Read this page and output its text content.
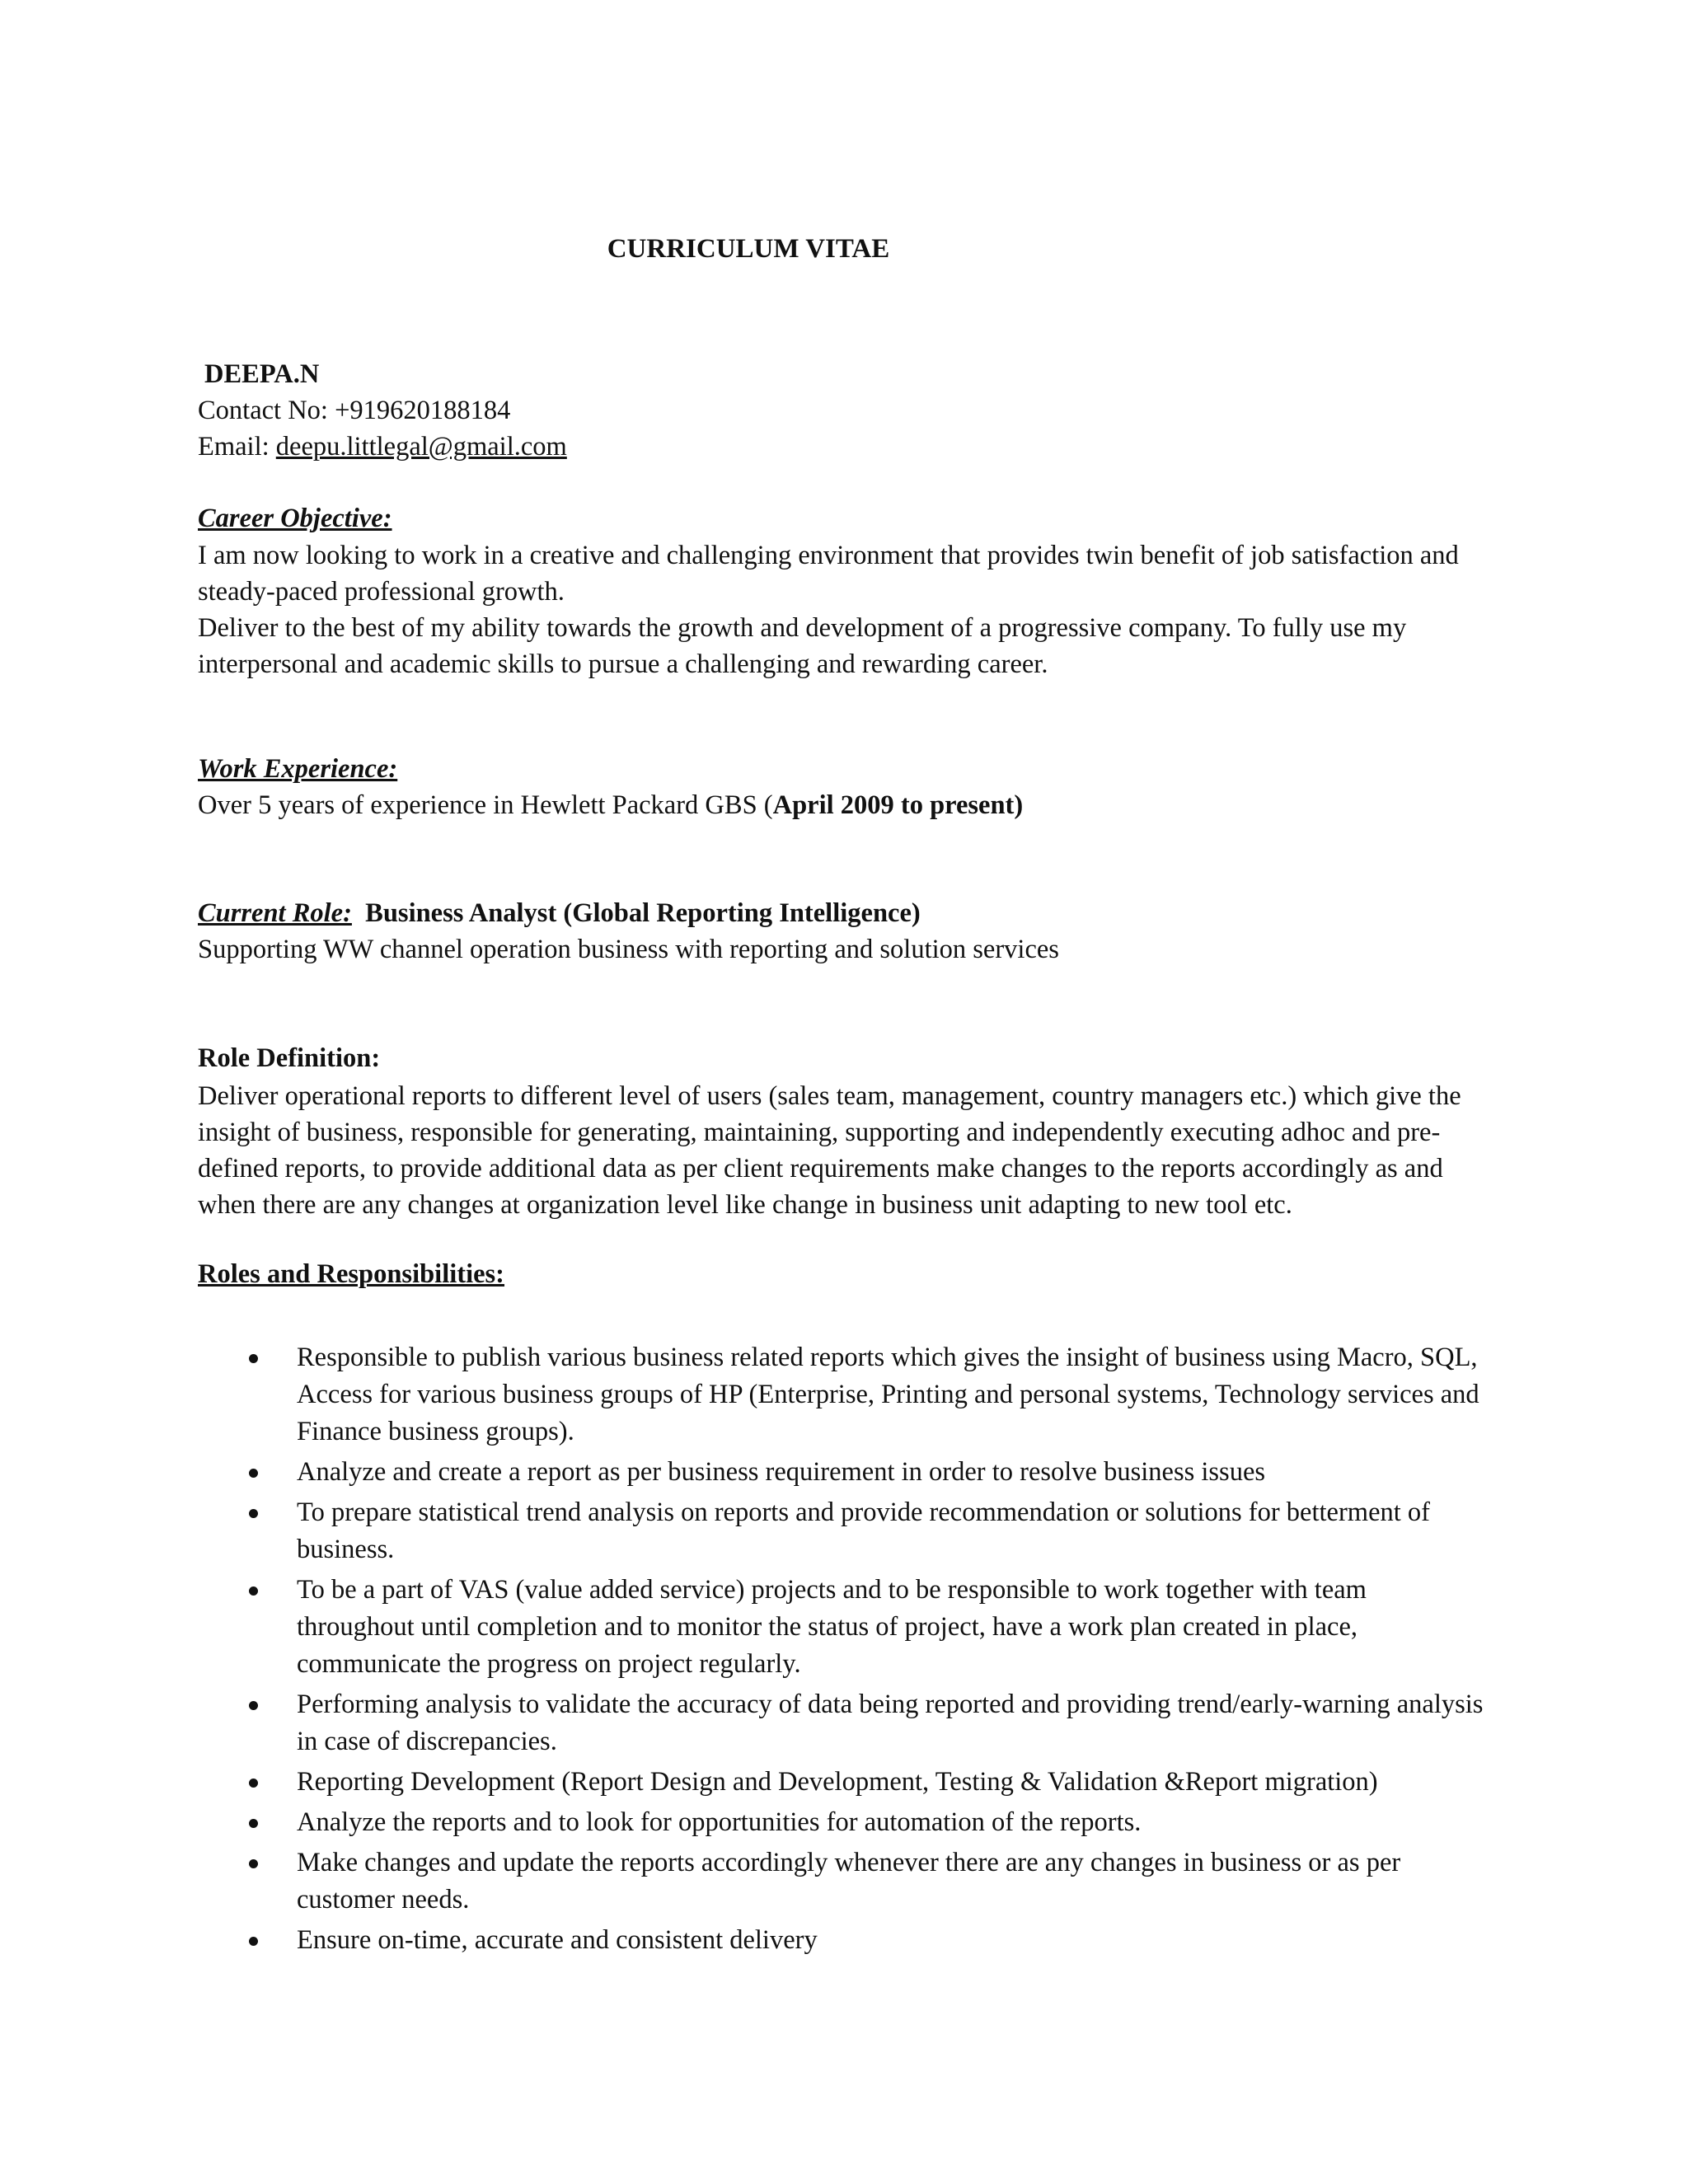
CURRICULUM VITAE
DEEPA.N
Contact No: +919620188184
Email: deepu.littlegal@gmail.com
Career Objective:

I am now looking to work in a creative and challenging environment that provides twin benefit of job satisfaction and steady-paced professional growth.

Deliver to the best of my ability towards the growth and development of a progressive company. To fully use my interpersonal and academic skills to pursue a challenging and rewarding career.

Work Experience:
Over 5 years of experience in Hewlett Packard GBS (April 2009 to present)
Current Role: Business Analyst (Global Reporting Intelligence)
Supporting WW channel operation business with reporting and solution services
Role Definition:

Deliver operational reports to different level of users (sales team, management, country managers etc.) which give the insight of business, responsible for generating, maintaining, supporting and independently executing adhoc and pre-defined reports, to provide additional data as per client requirements make changes to the reports accordingly as and when there are any changes at organization level like change in business unit adapting to new tool etc.

Roles and Responsibilities:
Responsible to publish various business related reports which gives the insight of business using Macro, SQL, Access for various business groups of HP (Enterprise, Printing and personal systems, Technology services and Finance business groups).
Analyze and create a report as per business requirement in order to resolve business issues
To prepare statistical trend analysis on reports and provide recommendation or solutions for betterment of business.
To be a part of VAS (value added service) projects and to be responsible to work together with team throughout until completion and to monitor the status of project, have a work plan created in place, communicate the progress on project regularly.
Performing analysis to validate the accuracy of data being reported and providing trend/early-warning analysis in case of discrepancies.
Reporting Development (Report Design and Development, Testing & Validation &Report migration)
Analyze the reports and to look for opportunities for automation of the reports.
Make changes and update the reports accordingly whenever there are any changes in business or as per customer needs.
Ensure on-time, accurate and consistent delivery
